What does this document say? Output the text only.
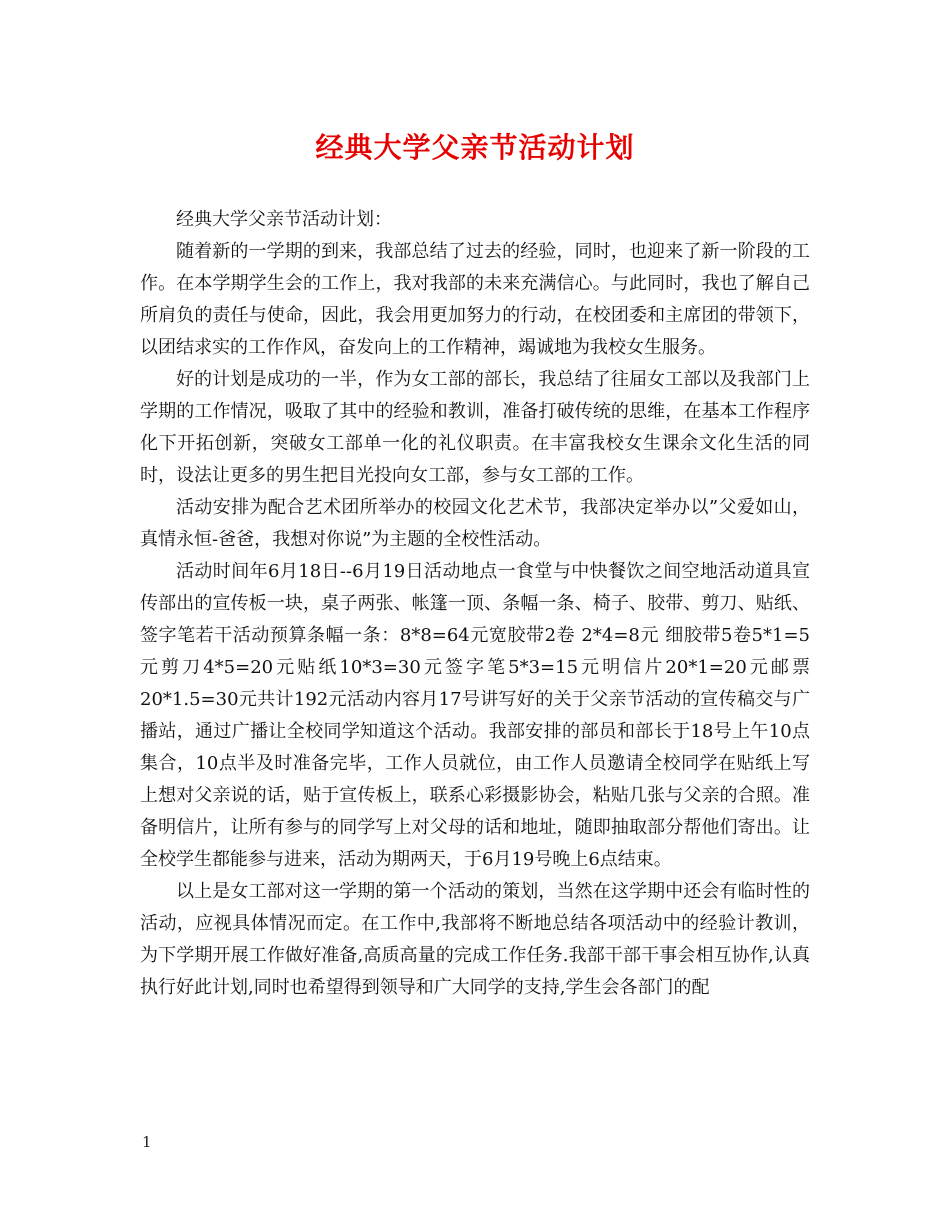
经典大学父亲节活动计划

经典大学父亲节活动计划：

随着新的一学期的到来，我部总结了过去的经验，同时，也迎来了新一阶段的工作。在本学期学生会的工作上，我对我部的未来充满信心。与此同时，我也了解自己所肩负的责任与使命，因此，我会用更加努力的行动，在校团委和主席团的带领下，以团结求实的工作作风，奋发向上的工作精神，竭诚地为我校女生服务。

好的计划是成功的一半，作为女工部的部长，我总结了往届女工部以及我部门上学期的工作情况，吸取了其中的经验和教训，准备打破传统的思维，在基本工作程序化下开拓创新，突破女工部单一化的礼仪职责。在丰富我校女生课余文化生活的同时，设法让更多的男生把目光投向女工部，参与女工部的工作。

活动安排为配合艺术团所举办的校园文化艺术节，我部决定举办以”父爱如山，真情永恒-爸爸，我想对你说”为主题的全校性活动。

活动时间年6月18日--6月19日活动地点一食堂与中快餐饮之间空地活动道具宣传部出的宣传板一块，桌子两张、帐篷一顶、条幅一条、椅子、胶带、剪刀、贴纸、签字笔若干活动预算条幅一条：8*8=64元宽胶带2卷 2*4=8元 细胶带5卷5*1=5元剪刀4*5=20元贴纸10*3=30元签字笔5*3=15元明信片20*1=20元邮票20*1.5=30元共计192元活动内容月17号讲写好的关于父亲节活动的宣传稿交与广播站，通过广播让全校同学知道这个活动。我部安排的部员和部长于18号上午10点集合，10点半及时准备完毕，工作人员就位，由工作人员邀请全校同学在贴纸上写上想对父亲说的话，贴于宣传板上，联系心彩摄影协会，粘贴几张与父亲的合照。准备明信片，让所有参与的同学写上对父母的话和地址，随即抽取部分帮他们寄出。让全校学生都能参与进来，活动为期两天，于6月19号晚上6点结束。

以上是女工部对这一学期的第一个活动的策划，当然在这学期中还会有临时性的活动，应视具体情况而定。在工作中,我部将不断地总结各项活动中的经验计教训，为下学期开展工作做好准备,高质高量的完成工作任务.我部干部干事会相互协作,认真执行好此计划,同时也希望得到领导和广大同学的支持,学生会各部门的配

1
